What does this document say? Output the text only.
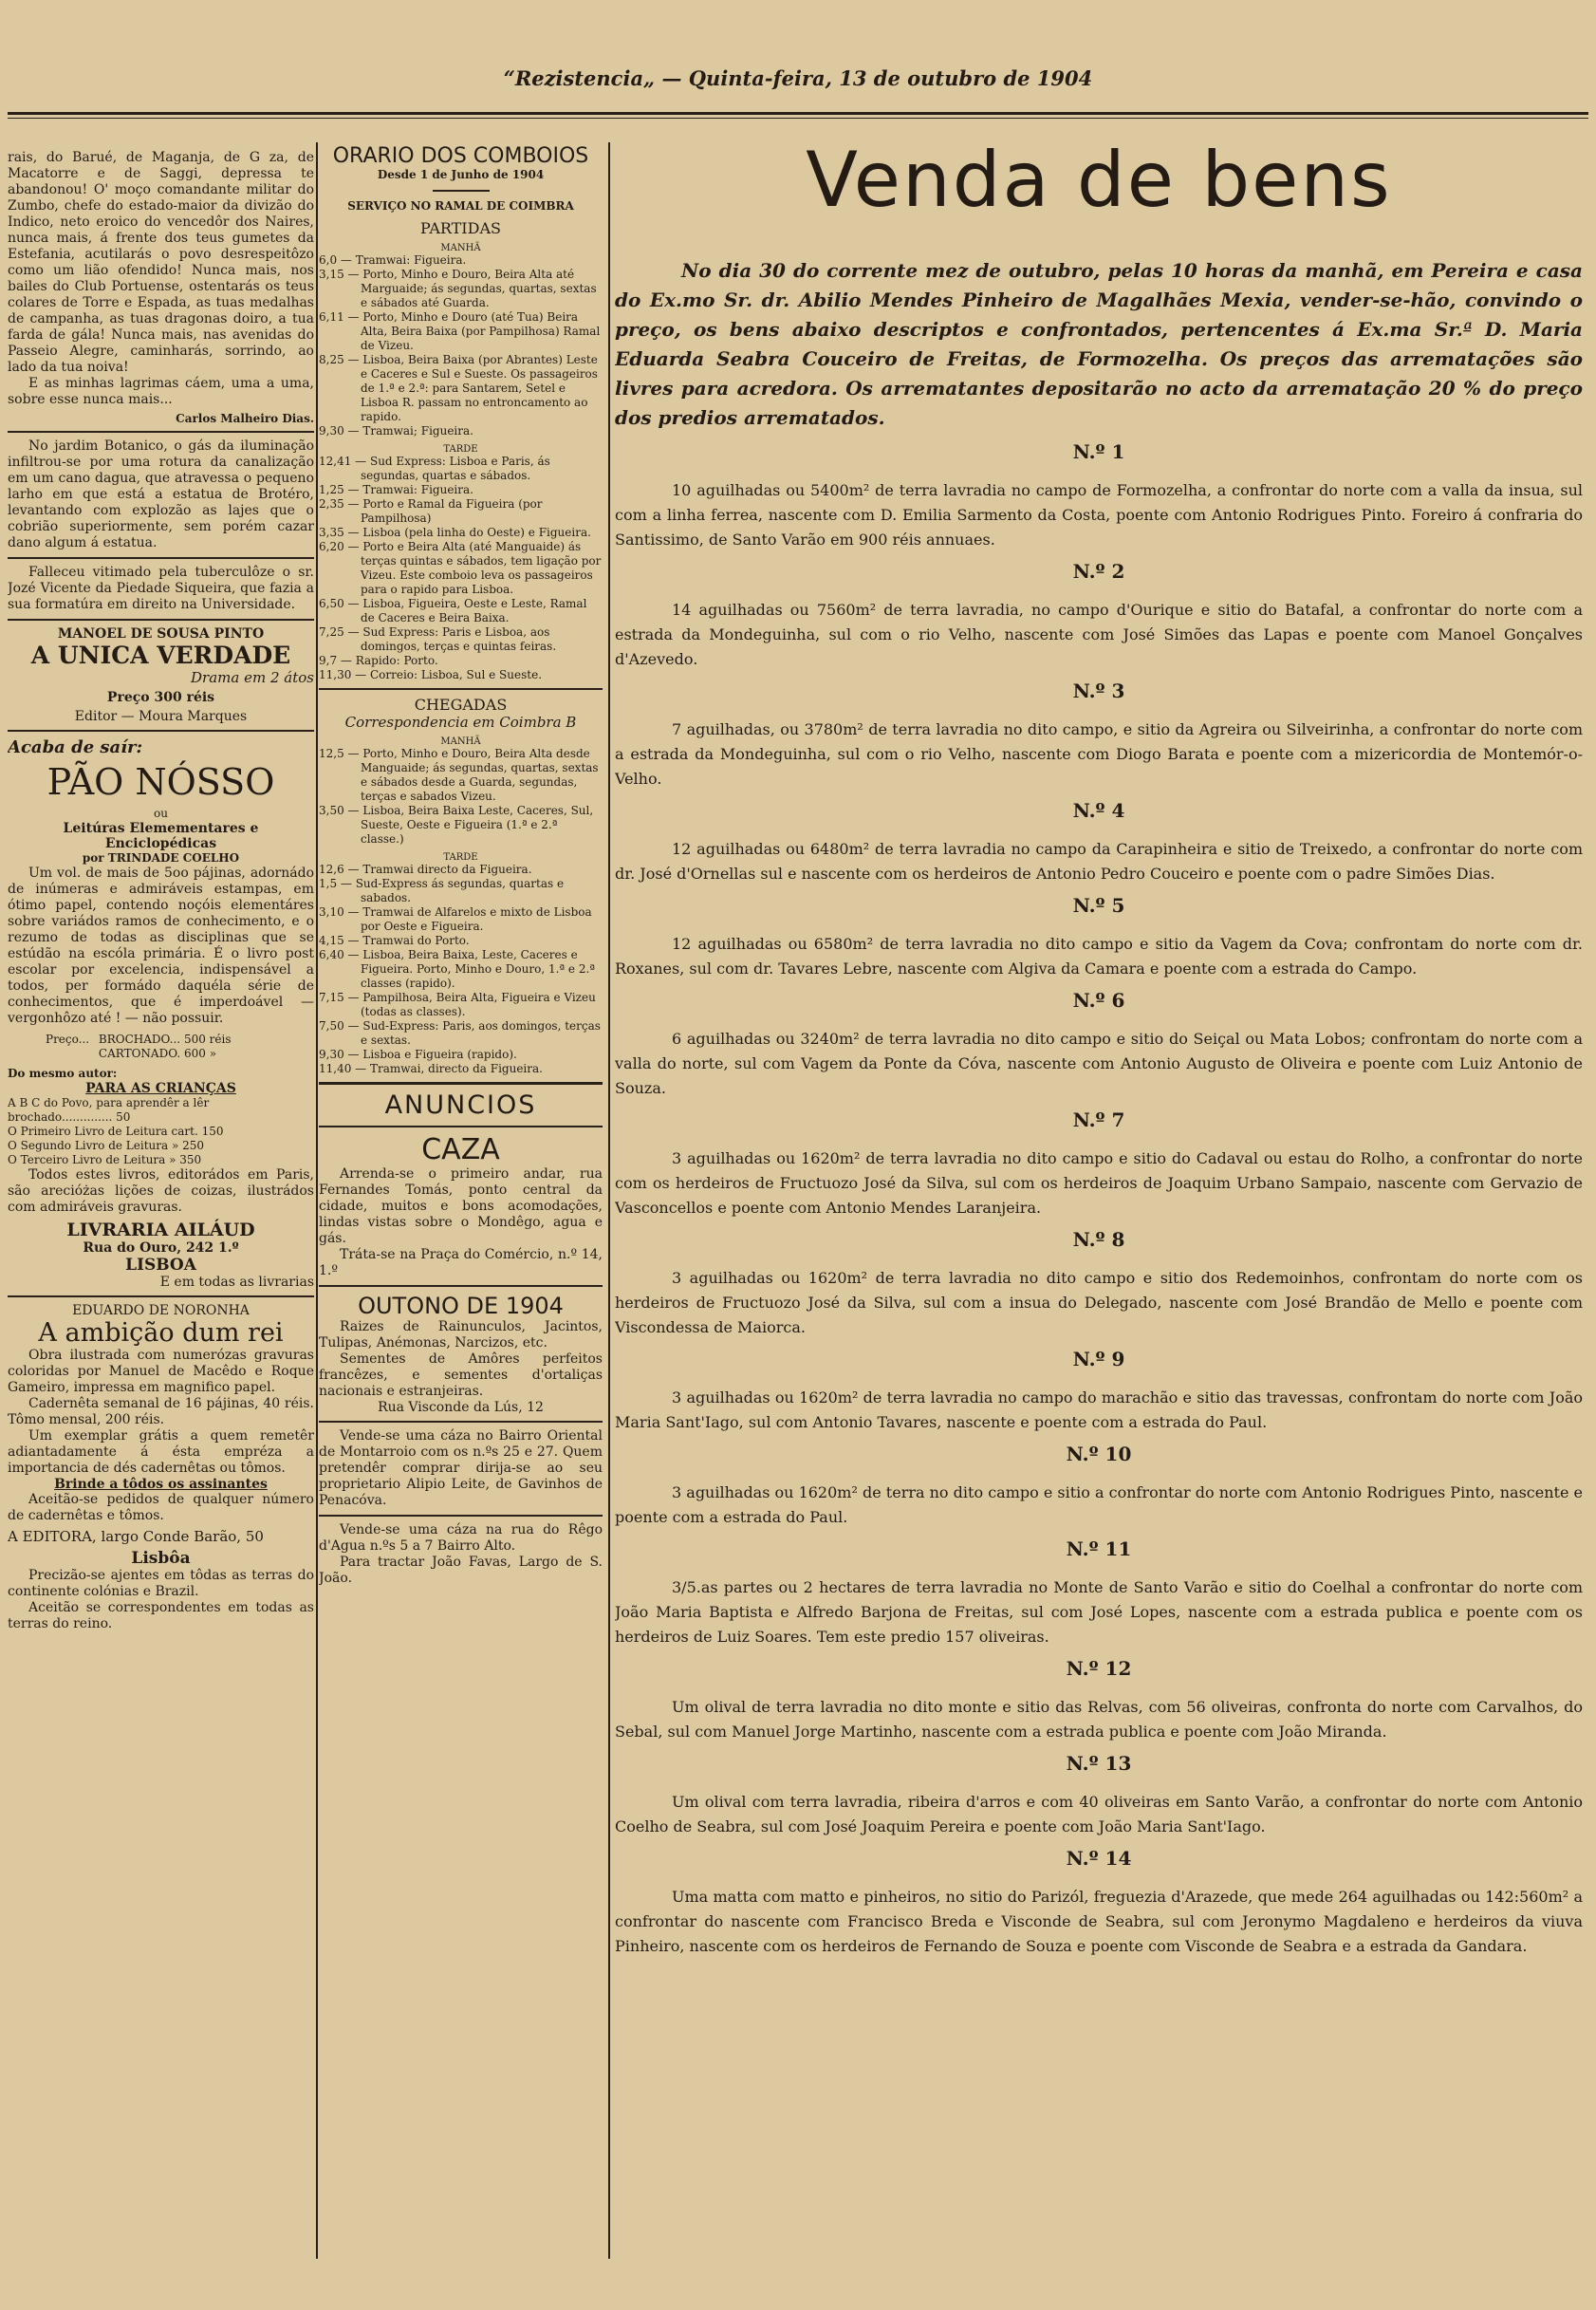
“Rezistencia„ — Quinta-feira, 13 de outubro de 1904

rais, do Barué, de Maganja, de G za, de Macatorre e de Saggi, depressa te abandonou! O' moço comandante militar do Zumbo, chefe do estado-maior da divizão do Indico, neto eroico do vencedôr dos Naires, nunca mais, á frente dos teus gumetes da Estefania, acutilarás o povo desrespeitôzo como um lião ofendido! Nunca mais, nos bailes do Club Portuense, ostentarás os teus colares de Torre e Espada, as tuas medalhas de campanha, as tuas dragonas doiro, a tua farda de gála! Nunca mais, nas avenidas do Passeio Alegre, caminharás, sorrindo, ao lado da tua noiva!

E as minhas lagrimas cáem, uma a uma, sobre esse nunca mais...

Carlos Malheiro Dias.

No jardim Botanico, o gás da iluminação infiltrou-se por uma rotura da canalização em um cano dagua, que atravessa o pequeno larho em que está a estatua de Brotéro, levantando com explozão as lajes que o cobrião superiormente, sem porém cazar dano algum á estatua.

Falleceu vitimado pela tuberculôze o sr. Jozé Vicente da Piedade Siqueira, que fazia a sua formatúra em direito na Universidade.

MANOEL DE SOUSA PINTO
A UNICA VERDADE
Drama em 2 átos
Preço 300 réis
Editor — Moura Marques
Acaba de saír:
PÃO NÓSSO
ou
Leitúras Elemementares e Enciclopédicas
por TRINDADE COELHO

Um vol. de mais de 5oo pájinas, adornádo de inúmeras e admiráveis estampas, em ótimo papel, contendo noçóis elementáres sobre variádos ramos de conhecimento, e o rezumo de todas as disciplinas que se estúdão na escóla primária. É o livro post escolar por excelencia, indispensável a todos, per formádo daquéla série de conhecimentos, que é imperdoável — vergonhôzo até ! — não possuir.

Preço... BROCHADO... 500 réis
CARTONADO. 600 »
Do mesmo autor:
PARA AS CRIANÇAS
A B C do Povo, para aprendêr a lêr brochado.............. 50
O Primeiro Livro de Leitura cart. 150
O Segundo Livro de Leitura » 250
O Terceiro Livro de Leitura » 350

Todos estes livros, editorádos em Paris, são arecióżas lições de coizas, ilustrádos com admiráveis gravuras.

LIVRARIA AILÁUD
Rua do Ouro, 242 1.º
LISBOA
E em todas as livrarias
EDUARDO DE NORONHA
A ambição dum rei

Obra ilustrada com numerózas gravuras coloridas por Manuel de Macêdo e Roque Gameiro, impressa em magnifico papel.

Cadernêta semanal de 16 pájinas, 40 réis. Tômo mensal, 200 réis.

Um exemplar grátis a quem remetêr adiantadamente á ésta empréza a importancia de dés cadernêtas ou tômos.

Brinde a tôdos os assinantes

Aceitão-se pedidos de qualquer número de cadernêtas e tômos.

A EDITORA, largo Conde Barão, 50
Lisbôa

Precizão-se ajentes em tôdas as terras do continente colónias e Brazil.

Aceitão se correspondentes em todas as terras do reino.

ORARIO DOS COMBOIOS
Desde 1 de Junho de 1904
SERVIÇO NO RAMAL DE COIMBRA
PARTIDAS
MANHÃ
6,0 — Tramwai: Figueira.
3,15 — Porto, Minho e Douro, Beira Alta até Marguaide; ás segundas, quartas, sextas e sábados até Guarda.
6,11 — Porto, Minho e Douro (até Tua) Beira Alta, Beira Baixa (por Pampilhosa) Ramal de Vizeu.
8,25 — Lisboa, Beira Baixa (por Abrantes) Leste e Caceres e Sul e Sueste. Os passageiros de 1.ª e 2.ª: para Santarem, Setel e Lisboa R. passam no entroncamento ao rapido.
9,30 — Tramwai; Figueira.
TARDE
12,41 — Sud Express: Lisboa e Paris, ás segundas, quartas e sábados.
1,25 — Tramwai: Figueira.
2,35 — Porto e Ramal da Figueira (por Pampilhosa)
3,35 — Lisboa (pela linha do Oeste) e Figueira.
6,20 — Porto e Beira Alta (até Manguaide) ás terças quintas e sábados, tem ligação por Vizeu. Este comboio leva os passageiros para o rapido para Lisboa.
6,50 — Lisboa, Figueira, Oeste e Leste, Ramal de Caceres e Beira Baixa.
7,25 — Sud Express: Paris e Lisboa, aos domingos, terças e quintas feiras.
9,7 — Rapido: Porto.
11,30 — Correio: Lisboa, Sul e Sueste.
CHEGADAS
Correspondencia em Coimbra B
MANHÃ
12,5 — Porto, Minho e Douro, Beira Alta desde Manguaide; ás segundas, quartas, sextas e sábados desde a Guarda, segundas, terças e sabados Vizeu.
3,50 — Lisboa, Beira Baixa Leste, Caceres, Sul, Sueste, Oeste e Figueira (1.ª e 2.ª classe.)
TARDE
12,6 — Tramwai directo da Figueira.
1,5 — Sud-Express ás segundas, quartas e sabados.
3,10 — Tramwai de Alfarelos e mixto de Lisboa por Oeste e Figueira.
4,15 — Tramwai do Porto.
6,40 — Lisboa, Beira Baixa, Leste, Caceres e Figueira. Porto, Minho e Douro, 1.ª e 2.ª classes (rapido).
7,15 — Pampilhosa, Beira Alta, Figueira e Vizeu (todas as classes).
7,50 — Sud-Express: Paris, aos domingos, terças e sextas.
9,30 — Lisboa e Figueira (rapido).
11,40 — Tramwai, directo da Figueira.
ANUNCIOS
CAZA

Arrenda-se o primeiro andar, rua Fernandes Tomás, ponto central da cidade, muitos e bons acomodações, lindas vistas sobre o Mondêgo, agua e gás.

Tráta-se na Praça do Comércio, n.º 14, 1.º

OUTONO DE 1904

Raizes de Rainunculos, Jacintos, Tulipas, Anémonas, Narcizos, etc.

Sementes de Amôres perfeitos francêzes, e sementes d'ortaliças nacionais e estranjeiras.

Rua Visconde da Lús, 12

Vende-se uma cáza no Bairro Oriental de Montarroio com os n.ºs 25 e 27. Quem pretendêr comprar dirija-se ao seu proprietario Alipio Leite, de Gavinhos de Penacóva.

Vende-se uma cáza na rua do Rêgo d'Agua n.ºs 5 a 7 Bairro Alto.

Para tractar João Favas, Largo de S. João.

Venda de bens

No dia 30 do corrente mez de outubro, pelas 10 horas da manhã, em Pereira e casa do Ex.mo Sr. dr. Abilio Mendes Pinheiro de Magalhães Mexia, vender-se-hão, convindo o preço, os bens abaixo descriptos e confrontados, pertencentes á Ex.ma Sr.ª D. Maria Eduarda Seabra Couceiro de Freitas, de Formozelha. Os preços das arrematações são livres para acredora. Os arrematantes depositarão no acto da arrematação 20 % do preço dos predios arrematados.

N.º 1

10 aguilhadas ou 5400m² de terra lavradia no campo de Formozelha, a confrontar do norte com a valla da insua, sul com a linha ferrea, nascente com D. Emilia Sarmento da Costa, poente com Antonio Rodrigues Pinto. Foreiro á confraria do Santissimo, de Santo Varão em 900 réis annuaes.

N.º 2

14 aguilhadas ou 7560m² de terra lavradia, no campo d'Ourique e sitio do Batafal, a confrontar do norte com a estrada da Mondeguinha, sul com o rio Velho, nascente com José Simões das Lapas e poente com Manoel Gonçalves d'Azevedo.

N.º 3

7 aguilhadas, ou 3780m² de terra lavradia no dito campo, e sitio da Agreira ou Silveirinha, a confrontar do norte com a estrada da Mondeguinha, sul com o rio Velho, nascente com Diogo Barata e poente com a mizericordia de Montemór-o-Velho.

N.º 4

12 aguilhadas ou 6480m² de terra lavradia no campo da Carapinheira e sitio de Treixedo, a confrontar do norte com dr. José d'Ornellas sul e nascente com os herdeiros de Antonio Pedro Couceiro e poente com o padre Simões Dias.

N.º 5

12 aguilhadas ou 6580m² de terra lavradia no dito campo e sitio da Vagem da Cova; confrontam do norte com dr. Roxanes, sul com dr. Tavares Lebre, nascente com Algiva da Camara e poente com a estrada do Campo.

N.º 6

6 aguilhadas ou 3240m² de terra lavradia no dito campo e sitio do Seiçal ou Mata Lobos; confrontam do norte com a valla do norte, sul com Vagem da Ponte da Cóva, nascente com Antonio Augusto de Oliveira e poente com Luiz Antonio de Souza.

N.º 7

3 aguilhadas ou 1620m² de terra lavradia no dito campo e sitio do Cadaval ou estau do Rolho, a confrontar do norte com os herdeiros de Fructuozo José da Silva, sul com os herdeiros de Joaquim Urbano Sampaio, nascente com Gervazio de Vasconcellos e poente com Antonio Mendes Laranjeira.

N.º 8

3 aguilhadas ou 1620m² de terra lavradia no dito campo e sitio dos Redemoinhos, confrontam do norte com os herdeiros de Fructuozo José da Silva, sul com a insua do Delegado, nascente com José Brandão de Mello e poente com Viscondessa de Maiorca.

N.º 9

3 aguilhadas ou 1620m² de terra lavradia no campo do marachão e sitio das travessas, confrontam do norte com João Maria Sant'Iago, sul com Antonio Tavares, nascente e poente com a estrada do Paul.

N.º 10

3 aguilhadas ou 1620m² de terra no dito campo e sitio a confrontar do norte com Antonio Rodrigues Pinto, nascente e poente com a estrada do Paul.

N.º 11

3/5.as partes ou 2 hectares de terra lavradia no Monte de Santo Varão e sitio do Coelhal a confrontar do norte com João Maria Baptista e Alfredo Barjona de Freitas, sul com José Lopes, nascente com a estrada publica e poente com os herdeiros de Luiz Soares. Tem este predio 157 oliveiras.

N.º 12

Um olival de terra lavradia no dito monte e sitio das Relvas, com 56 oliveiras, confronta do norte com Carvalhos, do Sebal, sul com Manuel Jorge Martinho, nascente com a estrada publica e poente com João Miranda.

N.º 13

Um olival com terra lavradia, ribeira d'arros e com 40 oliveiras em Santo Varão, a confrontar do norte com Antonio Coelho de Seabra, sul com José Joaquim Pereira e poente com João Maria Sant'Iago.

N.º 14

Uma matta com matto e pinheiros, no sitio do Parizól, freguezia d'Arazede, que mede 264 aguilhadas ou 142:560m² a confrontar do nascente com Francisco Breda e Visconde de Seabra, sul com Jeronymo Magdaleno e herdeiros da viuva Pinheiro, nascente com os herdeiros de Fernando de Souza e poente com Visconde de Seabra e a estrada da Gandara.
